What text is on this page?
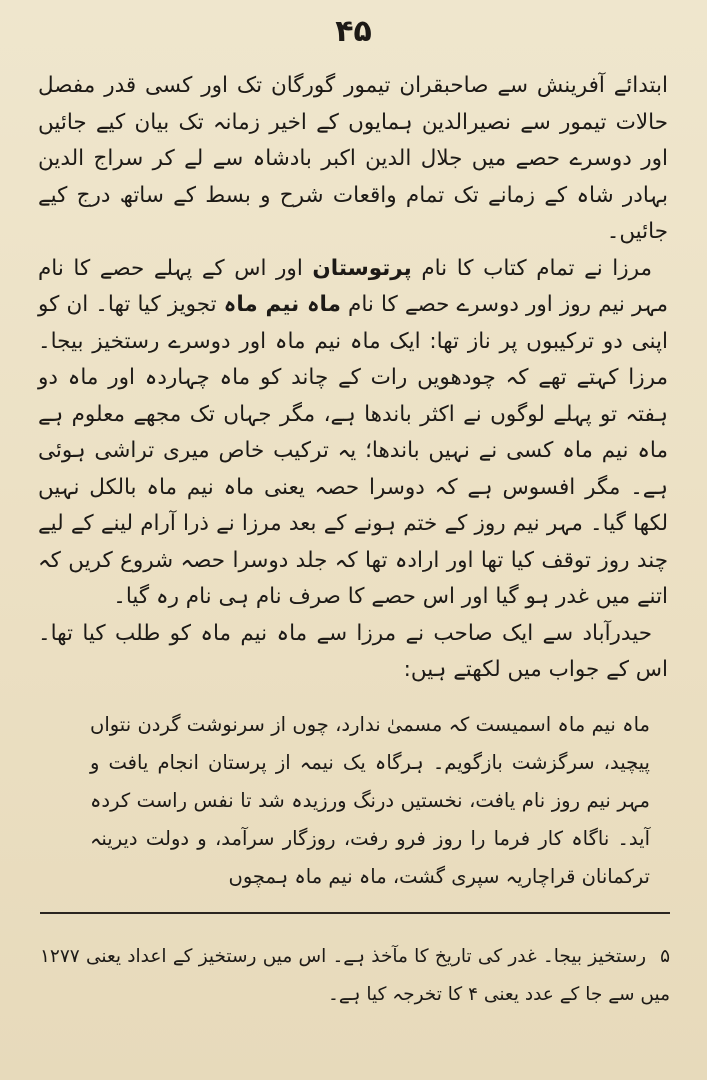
۴۵

ابتدائے آفرینش سے صاحبقران تیمور گورگان تک اور کسی قدر مفصل حالات تیمور سے نصیرالدین ہمایوں کے اخیر زمانہ تک بیان کیے جائیں اور دوسرے حصے میں جلال الدین اکبر بادشاہ سے لے کر سراج الدین بہادر شاہ کے زمانے تک تمام واقعات شرح و بسط کے ساتھ درج کیے جائیں۔

مرزا نے تمام کتاب کا نام پرتوستان اور اس کے پہلے حصے کا نام مہر نیم روز اور دوسرے حصے کا نام ماہ نیم ماہ تجویز کیا تھا۔ ان کو اپنی دو ترکیبوں پر ناز تھا: ایک ماہ نیم ماہ اور دوسرے رستخیز بیجا۔ مرزا کہتے تھے کہ چودھویں رات کے چاند کو ماہ چہاردہ اور ماہ دو ہفتہ تو پہلے لوگوں نے اکثر باندھا ہے، مگر جہاں تک مجھے معلوم ہے ماہ نیم ماہ کسی نے نہیں باندھا؛ یہ ترکیب خاص میری تراشی ہوئی ہے۔ مگر افسوس ہے کہ دوسرا حصہ یعنی ماہ نیم ماہ بالکل نہیں لکھا گیا۔ مہر نیم روز کے ختم ہونے کے بعد مرزا نے ذرا آرام لینے کے لیے چند روز توقف کیا تھا اور ارادہ تھا کہ جلد دوسرا حصہ شروع کریں کہ اتنے میں غدر ہو گیا اور اس حصے کا صرف نام ہی نام رہ گیا۔

حیدرآباد سے ایک صاحب نے مرزا سے ماہ نیم ماہ کو طلب کیا تھا۔ اس کے جواب میں لکھتے ہیں:

ماہ نیم ماہ اسمیست کہ مسمیٰ ندارد، چوں از سرنوشت گردن نتواں پیچید، سرگزشت بازگویم۔ ہرگاہ یک نیمہ از پرستان انجام یافت و مہر نیم روز نام یافت، نخستیں درنگ ورزیدہ شد تا نفس راست کردہ آید۔ ناگاہ کار فرما را روز فرو رفت، روزگار سرآمد، و دولت دیرینہ ترکمانان قراچاریہ سپری گشت، ماہ نیم ماہ ہمچوں

۵رستخیز بیجا۔ غدر کی تاریخ کا مآخذ ہے۔ اس میں رستخیز کے اعداد یعنی ۱۲۷۷ میں سے جا کے عدد یعنی ۴ کا تخرجہ کیا ہے۔
